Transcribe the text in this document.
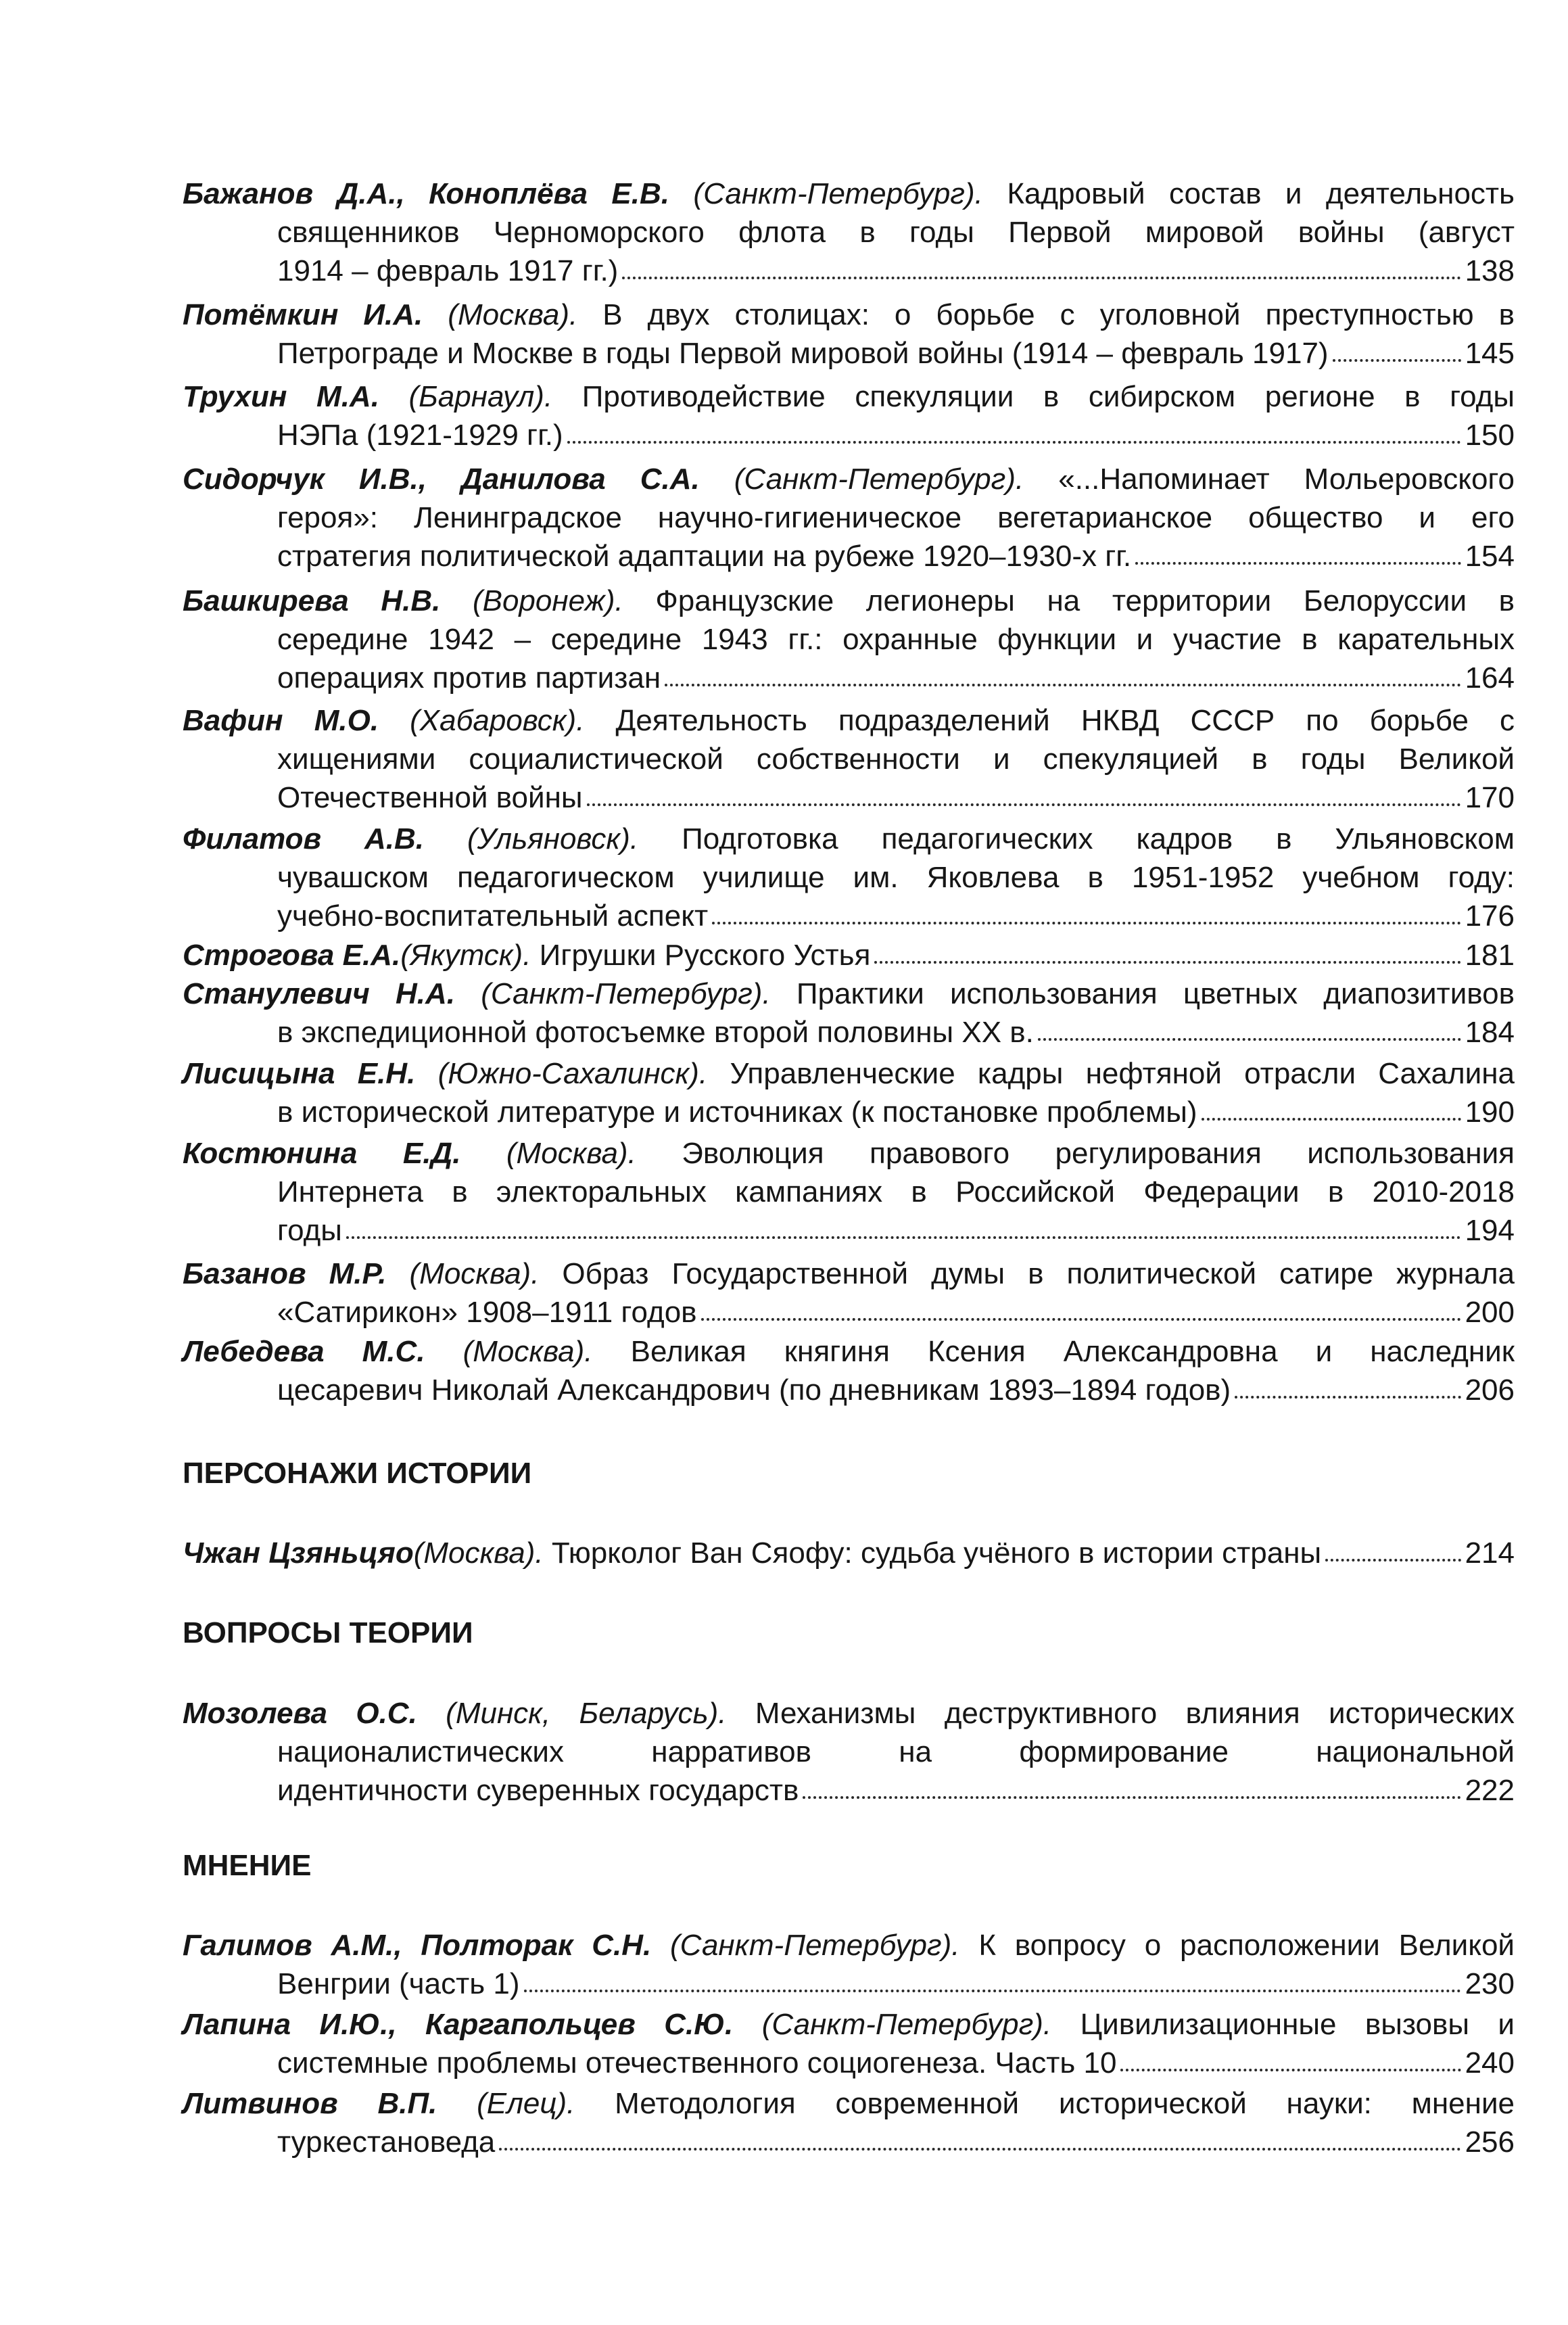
Бажанов Д.А., Коноплёва Е.В. (Санкт-Петербург). Кадровый состав и деятельность
священников Черноморского флота в годы Первой мировой войны (август
1914 – февраль 1917 гг.)	138
Потёмкин И.А. (Москва). В двух столицах: о борьбе с уголовной преступностью в
Петрограде и Москве в годы Первой мировой войны (1914 – февраль 1917)	145
Трухин М.А. (Барнаул). Противодействие спекуляции в сибирском регионе в годы
НЭПа (1921-1929 гг.)	150
Сидорчук И.В., Данилова С.А. (Санкт-Петербург). «...Напоминает Мольеровского
героя»: Ленинградское научно-гигиеническое вегетарианское общество и его
стратегия политической адаптации на рубеже 1920–1930-х гг.	154
Башкирева Н.В. (Воронеж). Французские легионеры на территории Белоруссии в
середине 1942 – середине 1943 гг.: охранные функции и участие в карательных
операциях против партизан	164
Вафин М.О. (Хабаровск). Деятельность подразделений НКВД СССР по борьбе с
хищениями социалистической собственности и спекуляцией в годы Великой
Отечественной войны	170
Филатов А.В. (Ульяновск). Подготовка педагогических кадров в Ульяновском
чувашском педагогическом училище им. Яковлева в 1951-1952 учебном году:
учебно-воспитательный аспект	176
Строгова Е.А. (Якутск).
Игрушки Русского Устья	181
Станулевич Н.А. (Санкт-Петербург). Практики использования цветных диапозитивов
в экспедиционной фотосъемке второй половины XX в.	184
Лисицына Е.Н. (Южно-Сахалинск). Управленческие кадры нефтяной отрасли Сахалина
в исторической литературе и источниках (к постановке проблемы)	190
Костюнина Е.Д. (Москва). Эволюция правового регулирования использования
Интернета в электоральных кампаниях в Российской Федерации в 2010-2018
годы	194
Базанов М.Р. (Москва). Образ Государственной думы в политической сатире журнала
«Сатирикон» 1908–1911 годов	200
Лебедева М.С. (Москва). Великая княгиня Ксения Александровна и наследник
цесаревич Николай Александрович (по дневникам 1893–1894 годов)	206
Чжан Цзяньцяо (Москва).
Тюрколог Ван Сяофу: судьба учёного в истории страны	214
Мозолева О.С. (Минск, Беларусь). Механизмы деструктивного влияния исторических
националистических нарративов на формирование национальной
идентичности суверенных государств	222
Галимов А.М., Полторак С.Н. (Санкт-Петербург). К вопросу о расположении Великой
Венгрии (часть 1)	230
Лапина И.Ю., Каргапольцев С.Ю. (Санкт-Петербург). Цивилизационные вызовы и
системные проблемы отечественного социогенеза. Часть 10	240
Литвинов В.П. (Елец). Методология современной исторической науки: мнение
туркестановеда	256
ПЕРСОНАЖИ ИСТОРИИ
ВОПРОСЫ ТЕОРИИ
МНЕНИЕ
